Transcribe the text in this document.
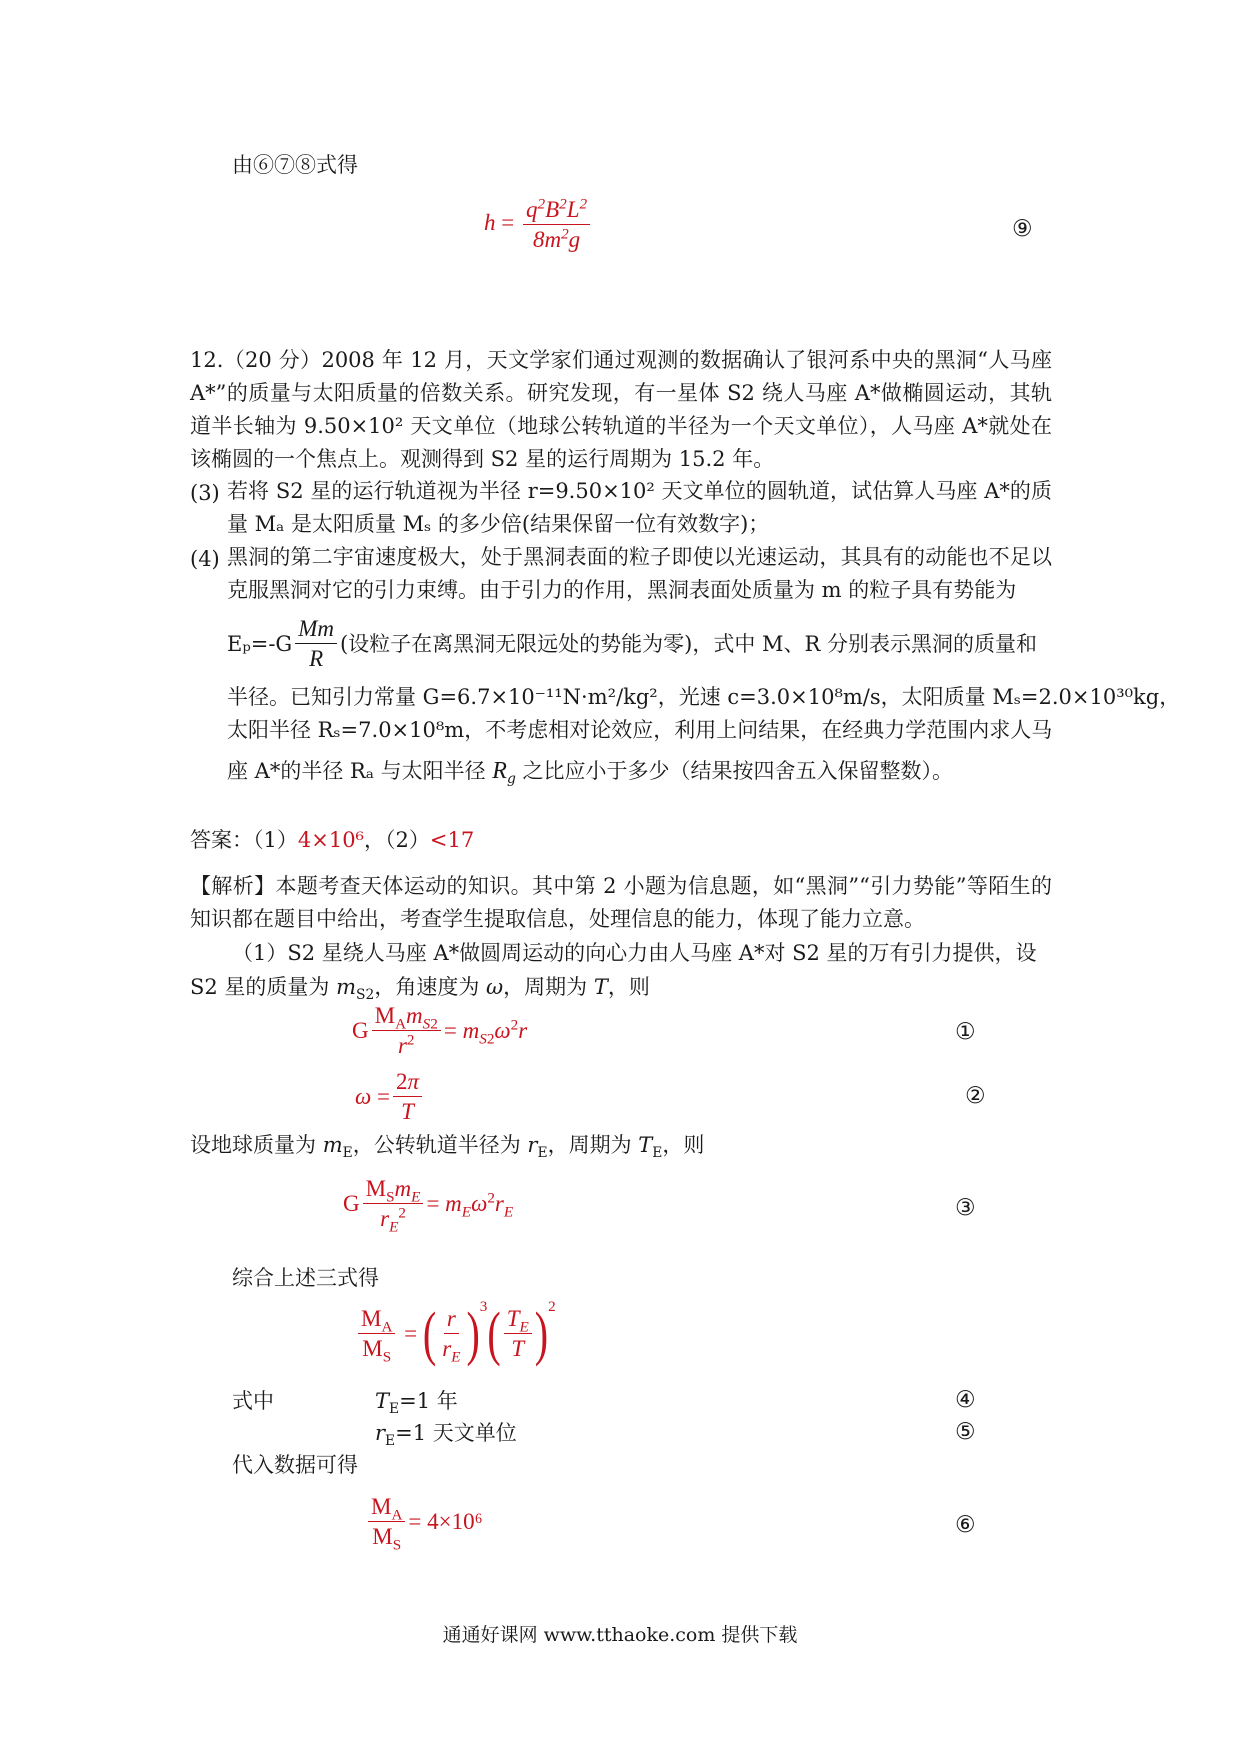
由⑥⑦⑧式得
$h = \frac{q^2B^2L^2}{8m^2g}$	⑨
12.（20 分）2008 年 12 月，天文学家们通过观测的数据确认了银河系中央的黑洞“人马座 A*”的质量与太阳质量的倍数关系。研究发现，有一星体 S2 绕人马座 A*做椭圆运动，其轨道半长轴为 9.50×10² 天文单位（地球公转轨道的半径为一个天文单位），人马座 A*就处在该椭圆的一个焦点上。观测得到 S2 星的运行周期为 15.2 年。
(3) 若将 S2 星的运行轨道视为半径 r=9.50×10² 天文单位的圆轨道，试估算人马座 A*的质量 Mₐ 是太阳质量 Mₛ 的多少倍(结果保留一位有效数字)；
(4) 黑洞的第二宇宙速度极大，处于黑洞表面的粒子即使以光速运动，其具有的动能也不足以克服黑洞对它的引力束缚。由于引力的作用，黑洞表面处质量为 m 的粒子具有势能为
$E_p=-G \frac{Mm}{R}$ (设粒子在离黑洞无限远处的势能为零)，式中 M、R 分别表示黑洞的质量和
半径。已知引力常量 G=6.7×10⁻¹¹N·m²/kg²，光速 c=3.0×10⁸m/s，太阳质量 Mₛ=2.0×10³⁰kg，
太阳半径 Rₛ=7.0×10⁸m，不考虑相对论效应，利用上问结果，在经典力学范围内求人马
座 A*的半径 Rₐ 与太阳半径 $R_g$ 之比应小于多少（结果按四舍五入保留整数）。
答案：（1）4×10⁶，（2）<17
【解析】本题考查天体运动的知识。其中第 2 小题为信息题，如“黑洞”“引力势能”等陌生的知识都在题目中给出，考查学生提取信息，处理信息的能力，体现了能力立意。
（1）S2 星绕人马座 A*做圆周运动的向心力由人马座 A*对 S2 星的万有引力提供，设
S2 星的质量为 $m_{S2}$，角速度为 ω，周期为 T，则
G $\frac{M_Am_{S2}}{r^2} = m_{S2}\omega^2r$	①
$\omega = \frac{2\pi}{T}$	②
设地球质量为 $m_E$，公转轨道半径为 $r_E$，周期为 $T_E$，则
G $\frac{M_Sm_E}{r_E^2} = m_E\omega^2r_E$	③
综合上述三式得
$\frac{M_A}{M_S}$ = ( $\frac{r}{r_E}$ ) 3 ( $\frac{T_E}{T}$ ) 2
式中	$T_E=1$ 年	④
$r_E=1$ 天文单位	⑤
代入数据可得
$\frac{M_A}{M_S} = 4\times 10^6$	⑥
通通好课网 www.tthaoke.com 提供下载
